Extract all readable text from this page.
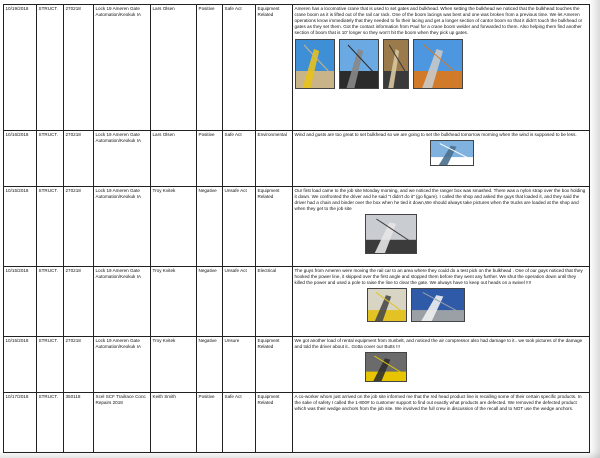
10/19/2018	STRUCT.	270218	Lock 19 Ameren Gate Automation/Keokuk IA	Lars Olsen	Positive	Safe Act	Equipment Related	Ameren has a locomotive crane that is used to set gates and bulkhead. When setting the bulkhead we noticed that the bulkhead touches the crane boom as it is lifted out of the rail car rack. One of the boom lacings was bent and one was broken from a previous time. We let Ameren operations know immediately that they needed to fix their lacing and get a longer section of cantor boom so that it didn't touch the bulkhead or gates as they set them. Got the contact information from Paul for a crane boom welder and forwarded to them. Also helping them find another section of boom that is 10' longer so they won't hit the boom when they pick up gates.

10/16/2018	STRUCT.	270218	Lock 19 Ameren Gate Automation/Keokuk IA	Lars Olsen	Positive	Safe Act	Environmental	Wind and gusts are too great to set bulkhead so we are going to set the bulkhead tomorrow morning when the wind is supposed to be less.

10/15/2018	STRUCT.	270218	Lock 19 Ameren Gate Automation/Keokuk IA	Troy Kvitek	Negative	Unsafe Act	Equipment Related	Our first load came to the job site Monday morning, and we noticed the ranger box was smashed. There was a nylon strap over the box holding it down. We confronted the driver and he said "I didn't do it" (go figure). I called the shop and asked the guys that loaded it, and they said the driver had a chain and binder over the box when he tied it down,We should always take pictures when the trucks are loaded at the shop and when they get to the job site

10/15/2018	STRUCT.	270218	Lock 19 Ameren Gate Automation/Keokuk IA	Troy Kvitek	Negative	Unsafe Act	Electrical	The guys from Ameren were moving the rail car to an area where they could do a test pick on the bulkhead . One of our guys noticed that they hooked the power line, it skipped over the first angle and stopped them before they went any further. We shut the operation down until they killed the power and used a pole to raise the line to clear the gate. We always have to keep out heads on a swivel !!!!

10/15/2018	STRUCT.	270218	Lock 19 Ameren Gate Automation/Keokuk IA	Troy Kvitek	Negative	Unsure	Equipment Related	We got another load of rental equipment from Sunbelt, and noticed the air compressor also had damage to it.. we took pictures of the damage and told the driver about it.. Gotta cover our Butts !!!

10/17/2018	STRUCT.	350118	Xcel SCF Trailrace Conc Repairs 2018	Keith Smith	Positive	Safe Act	Equipment Related	A co-worker whom just arrived on the job site informed me that the red head product line is recalling some of their certain specific products. In the sake of safety I called the 1-800# to customer support to find out exactly what products are defected. We removed the defected product which was their wedge anchors from the job site. We involved the full crew in discussion of the recall and to NOT use the wedge anchors.
